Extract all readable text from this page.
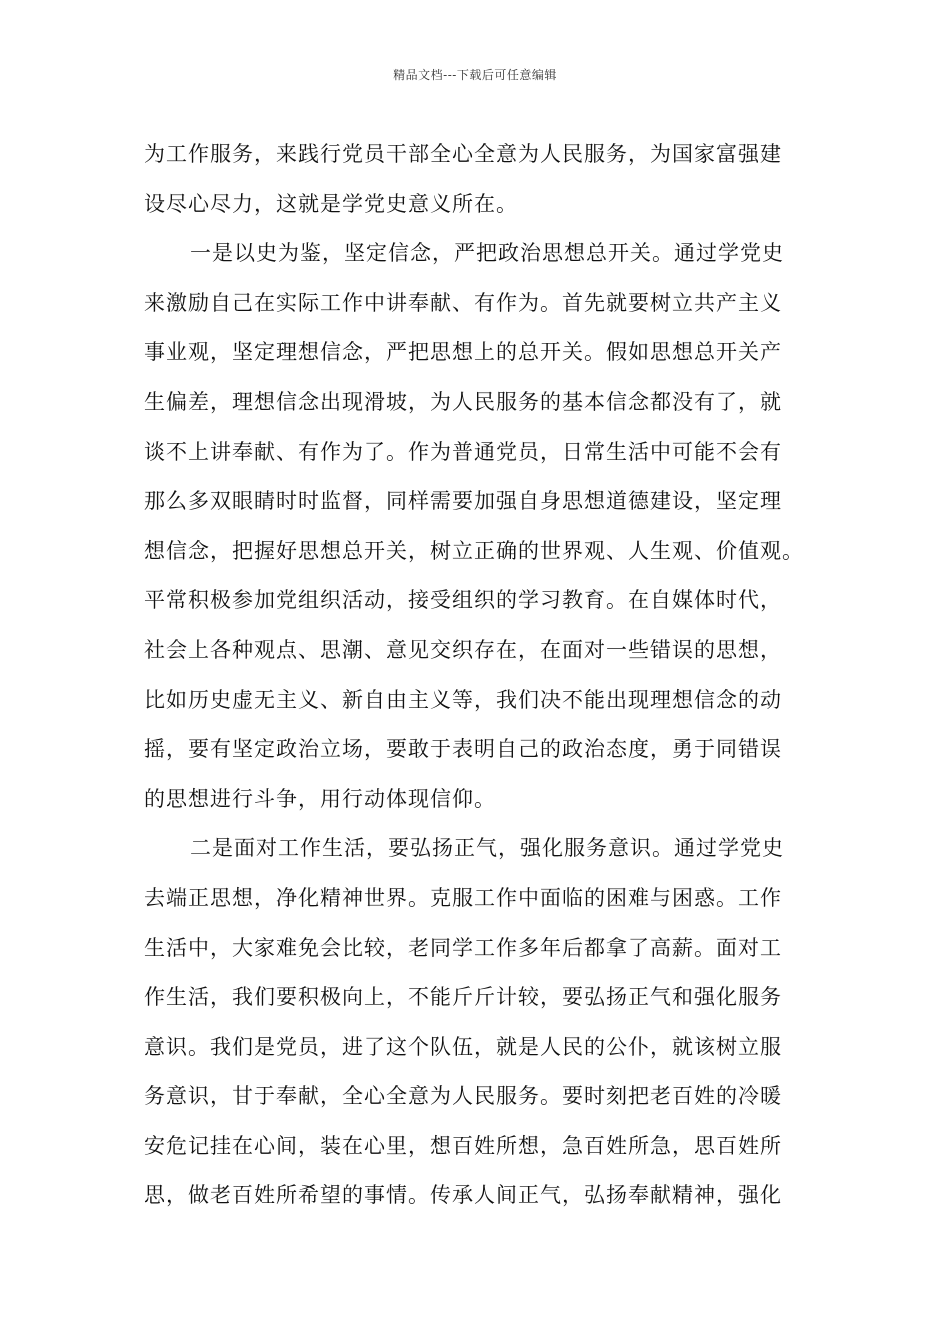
精品文档---下载后可任意编辑
为工作服务，来践行党员干部全心全意为人民服务，为国家富强建
设尽心尽力，这就是学党史意义所在。
一是以史为鉴，坚定信念，严把政治思想总开关。通过学党史
来激励自己在实际工作中讲奉献、有作为。首先就要树立共产主义
事业观，坚定理想信念，严把思想上的总开关。假如思想总开关产
生偏差，理想信念出现滑坡，为人民服务的基本信念都没有了，就
谈不上讲奉献、有作为了。作为普通党员，日常生活中可能不会有
那么多双眼睛时时监督，同样需要加强自身思想道德建设，坚定理
想信念，把握好思想总开关，树立正确的世界观、人生观、价值观。
平常积极参加党组织活动，接受组织的学习教育。在自媒体时代，
社会上各种观点、思潮、意见交织存在，在面对一些错误的思想，
比如历史虚无主义、新自由主义等，我们决不能出现理想信念的动
摇，要有坚定政治立场，要敢于表明自己的政治态度，勇于同错误
的思想进行斗争，用行动体现信仰。
二是面对工作生活，要弘扬正气，强化服务意识。通过学党史
去端正思想，净化精神世界。克服工作中面临的困难与困惑。工作
生活中，大家难免会比较，老同学工作多年后都拿了高薪。面对工
作生活，我们要积极向上，不能斤斤计较，要弘扬正气和强化服务
意识。我们是党员，进了这个队伍，就是人民的公仆，就该树立服
务意识，甘于奉献，全心全意为人民服务。要时刻把老百姓的冷暖
安危记挂在心间，装在心里，想百姓所想，急百姓所急，思百姓所
思，做老百姓所希望的事情。传承人间正气，弘扬奉献精神，强化
